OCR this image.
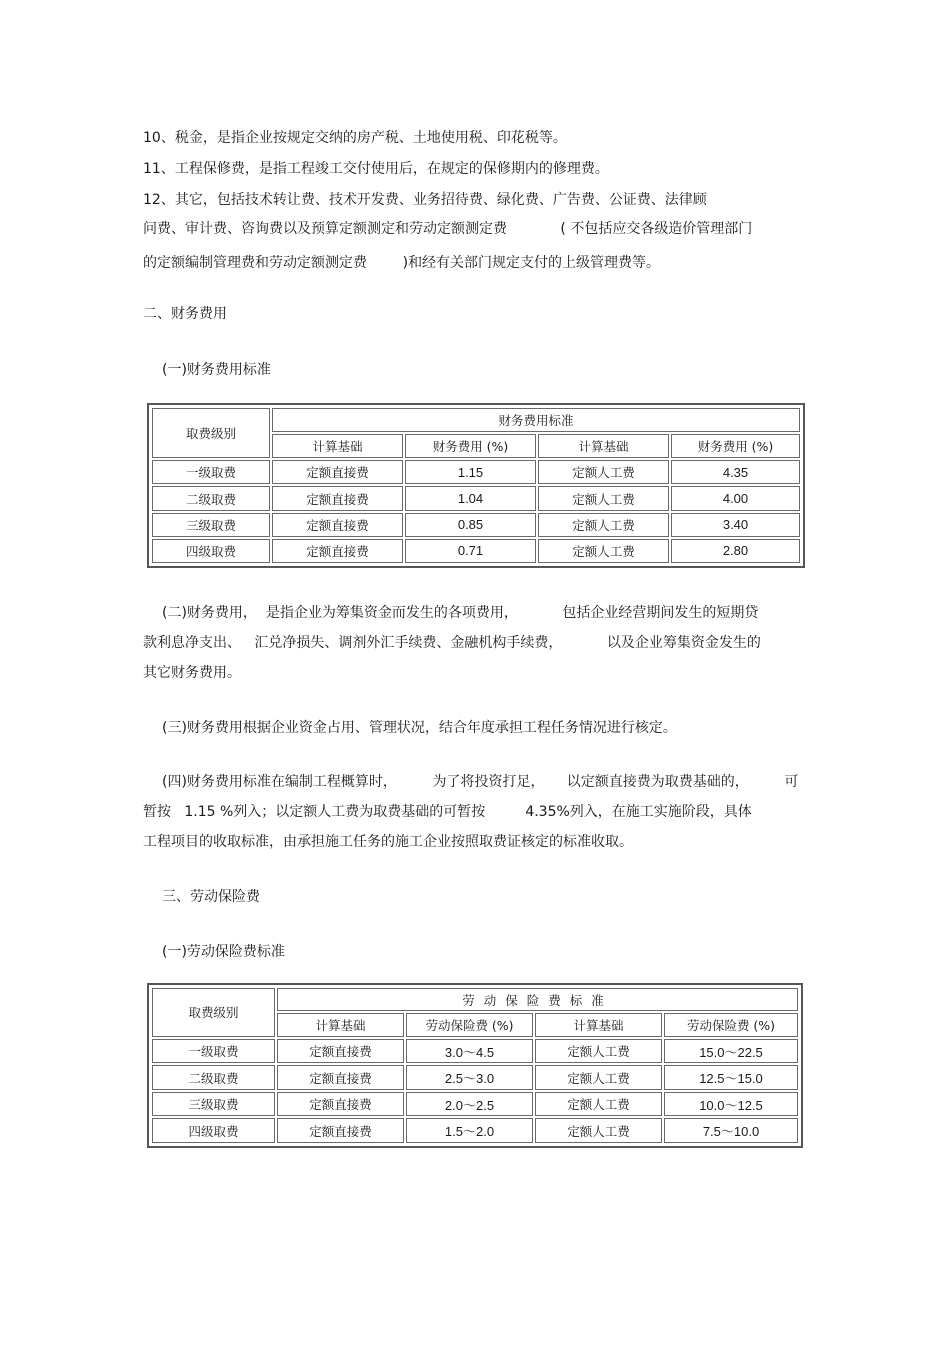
10、税金，是指企业按规定交纳的房产税、土地使用税、印花税等。
11、工程保修费，是指工程竣工交付使用后，在规定的保修期内的修理费。
12、其它，包括技术转让费、技术开发费、业务招待费、绿化费、广告费、公证费、法律顾
问费、审计费、咨询费以及预算定额测定和劳动定额测定费            ( 不包括应交各级造价管理部门
的定额编制管理费和劳动定额测定费        )和经有关部门规定支付的上级管理费等。
二、财务费用
(一)财务费用标准
取费级别	财务费用标准			
	计算基础	财务费用 (%)	计算基础	财务费用 (%)
一级取费	定额直接费	1.15	定额人工费	4.35
二级取费	定额直接费	1.04	定额人工费	4.00
三级取费	定额直接费	0.85	定额人工费	3.40
四级取费	定额直接费	0.71	定额人工费	2.80
(二)财务费用，  是指企业为筹集资金而发生的各项费用，          包括企业经营期间发生的短期贷
款利息净支出、   汇兑净损失、调剂外汇手续费、金融机构手续费，          以及企业筹集资金发生的
其它财务费用。
(三)财务费用根据企业资金占用、管理状况，结合年度承担工程任务情况进行核定。
(四)财务费用标准在编制工程概算时，        为了将投资打足，     以定额直接费为取费基础的，        可
暂按   1.15 %列入；以定额人工费为取费基础的可暂按         4.35%列入，在施工实施阶段，具体
工程项目的收取标准，由承担施工任务的施工企业按照取费证核定的标准收取。
三、劳动保险费
(一)劳动保险费标准
取费级别	劳动保险费标准			
	计算基础	劳动保险费 (%)	计算基础	劳动保险费 (%)
一级取费	定额直接费	3.0～4.5	定额人工费	15.0～22.5
二级取费	定额直接费	2.5～3.0	定额人工费	12.5～15.0
三级取费	定额直接费	2.0～2.5	定额人工费	10.0～12.5
四级取费	定额直接费	1.5～2.0	定额人工费	7.5～10.0
